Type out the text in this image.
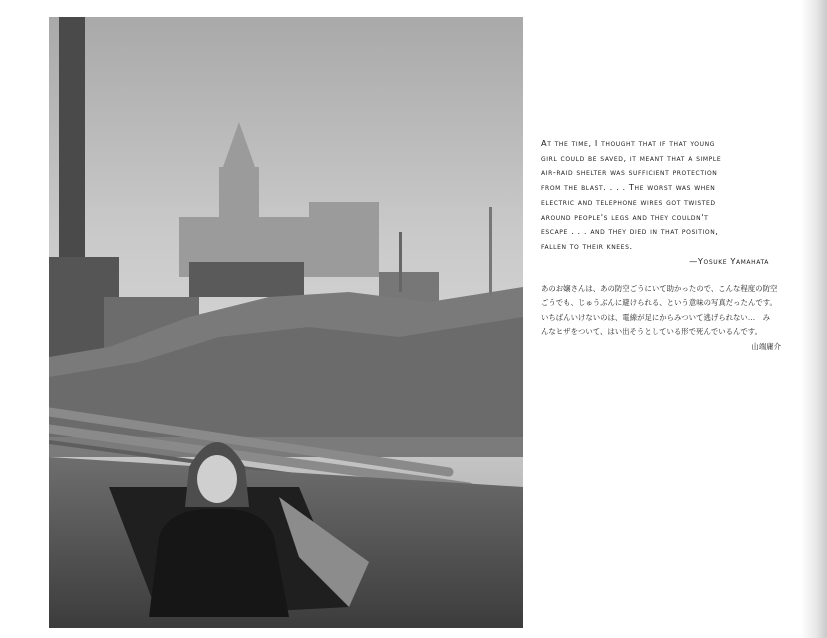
At the time, I thought that if that young

girl could be saved, it meant that a simple

air-raid shelter was sufficient protection

from the blast. . . . The worst was when

electric and telephone wires got twisted

around people's legs and they couldn't

escape . . . and they died in that position,

fallen to their knees.

—Yosuke Yamahata

あのお嬢さんは、あの防空ごうにいて助かったので、こんな程度の防空

ごうでも、じゅうぶんに避けられる、という意味の写真だったんです。

いちばんいけないのは、電線が足にからみついて逃げられない…　み

んなヒザをついて、はい出そうとしている形で死んでいるんです。

山端庸介
